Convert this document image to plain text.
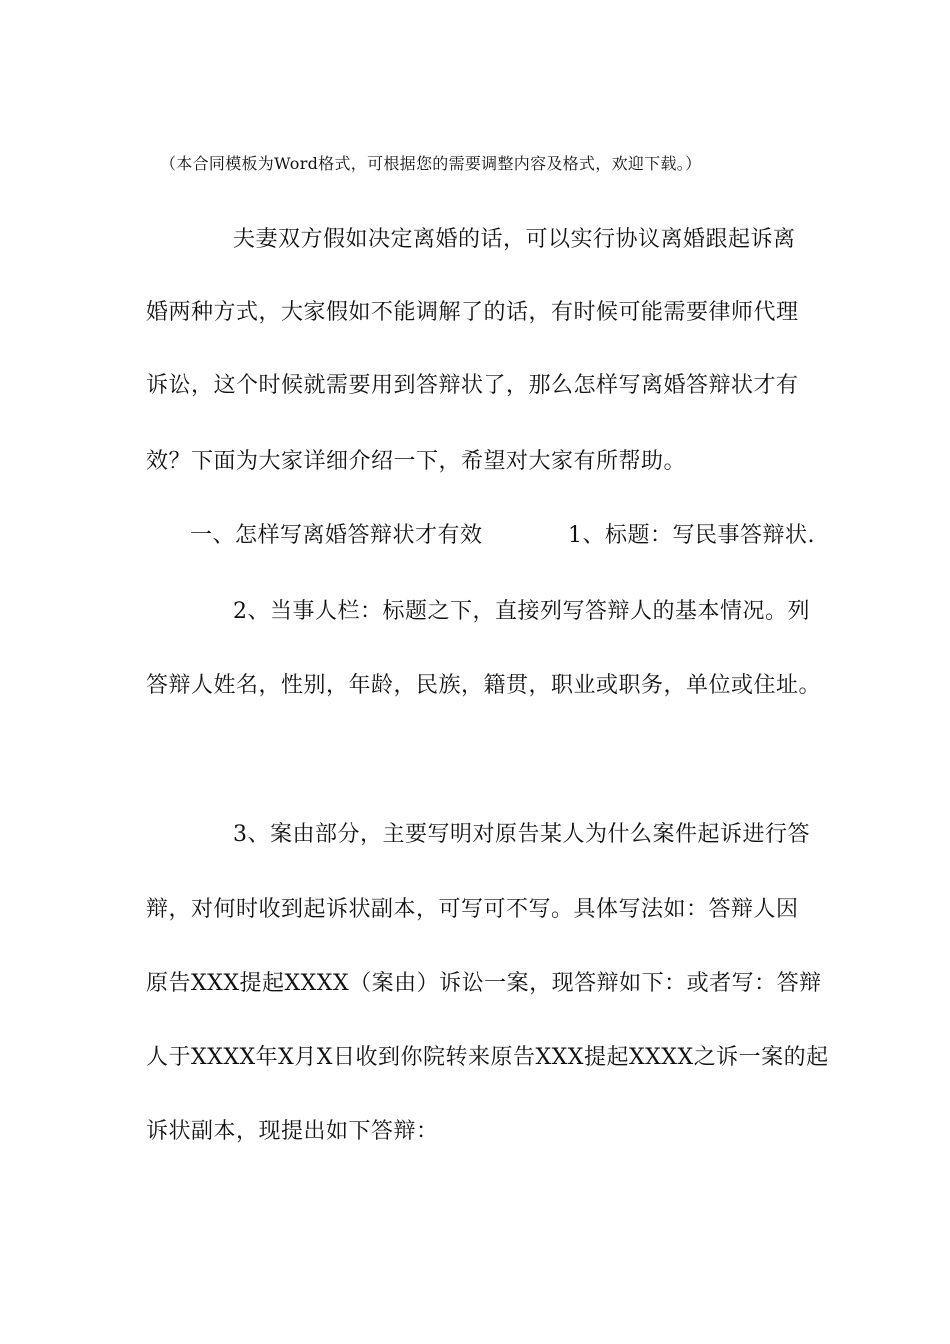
（本合同模板为Word格式，可根据您的需要调整内容及格式，欢迎下载。）
夫妻双方假如决定离婚的话，可以实行协议离婚跟起诉离
婚两种方式，大家假如不能调解了的话，有时候可能需要律师代理
诉讼，这个时候就需要用到答辩状了，那么怎样写离婚答辩状才有
效？下面为大家详细介绍一下，希望对大家有所帮助。
一、怎样写离婚答辩状才有效	1、标题：写民事答辩状.
2、当事人栏：标题之下，直接列写答辩人的基本情况。列
答辩人姓名，性别，年龄，民族，籍贯，职业或职务，单位或住址。
3、案由部分，主要写明对原告某人为什么案件起诉进行答
辩，对何时收到起诉状副本，可写可不写。具体写法如：答辩人因
原告XXX提起XXXX（案由）诉讼一案，现答辩如下：或者写：答辩
人于XXXX年X月X日收到你院转来原告XXX提起XXXX之诉一案的起
诉状副本，现提出如下答辩：
